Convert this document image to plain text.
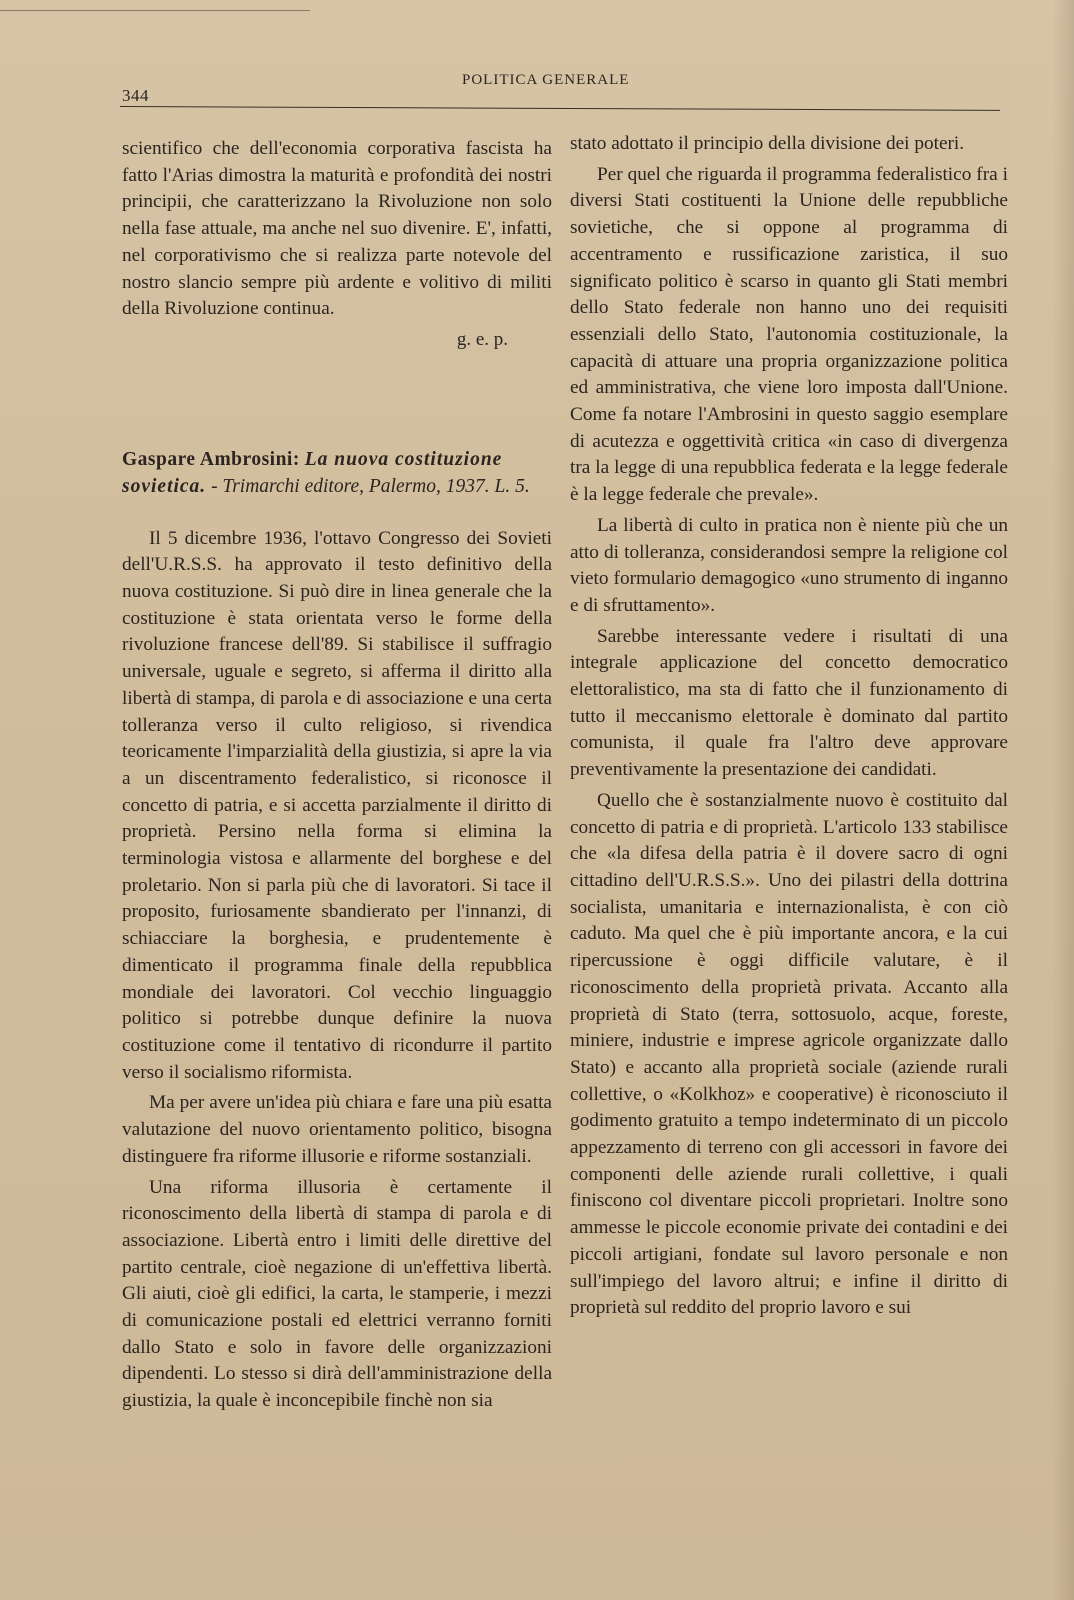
344
POLITICA GENERALE

scientifico che dell'economia corporativa fascista ha fatto l'Arias dimostra la maturità e profondità dei nostri principii, che caratterizzano la Rivoluzione non solo nella fase attuale, ma anche nel suo divenire. E', infatti, nel corporativismo che si realizza parte notevole del nostro slancio sempre più ardente e volitivo di militi della Rivoluzione continua.

g. e. p.
Gaspare Ambrosini: La nuova costituzione sovietica. - Trimarchi editore, Palermo, 1937. L. 5.

Il 5 dicembre 1936, l'ottavo Congresso dei Sovieti dell'U.R.S.S. ha approvato il testo definitivo della nuova costituzione. Si può dire in linea generale che la costituzione è stata orientata verso le forme della rivoluzione francese dell'89. Si stabilisce il suffragio universale, uguale e segreto, si afferma il diritto alla libertà di stampa, di parola e di associazione e una certa tolleranza verso il culto religioso, si rivendica teoricamente l'imparzialità della giustizia, si apre la via a un discentramento federalistico, si riconosce il concetto di patria, e si accetta parzialmente il diritto di proprietà. Persino nella forma si elimina la terminologia vistosa e allarmente del borghese e del proletario. Non si parla più che di lavoratori. Si tace il proposito, furiosamente sbandierato per l'innanzi, di schiacciare la borghesia, e prudentemente è dimenticato il programma finale della repubblica mondiale dei lavoratori. Col vecchio linguaggio politico si potrebbe dunque definire la nuova costituzione come il tentativo di ricondurre il partito verso il socialismo riformista.

Ma per avere un'idea più chiara e fare una più esatta valutazione del nuovo orientamento politico, bisogna distinguere fra riforme illusorie e riforme sostanziali.

Una riforma illusoria è certamente il riconoscimento della libertà di stampa di parola e di associazione. Libertà entro i limiti delle direttive del partito centrale, cioè negazione di un'effettiva libertà. Gli aiuti, cioè gli edifici, la carta, le stamperie, i mezzi di comunicazione postali ed elettrici verranno forniti dallo Stato e solo in favore delle organizzazioni dipendenti. Lo stesso si dirà dell'amministrazione della giustizia, la quale è inconcepibile finchè non sia

stato adottato il principio della divisione dei poteri.

Per quel che riguarda il programma federalistico fra i diversi Stati costituenti la Unione delle repubbliche sovietiche, che si oppone al programma di accentramento e russificazione zaristica, il suo significato politico è scarso in quanto gli Stati membri dello Stato federale non hanno uno dei requisiti essenziali dello Stato, l'autonomia costituzionale, la capacità di attuare una propria organizzazione politica ed amministrativa, che viene loro imposta dall'Unione. Come fa notare l'Ambrosini in questo saggio esemplare di acutezza e oggettività critica «in caso di divergenza tra la legge di una repubblica federata e la legge federale è la legge federale che prevale».

La libertà di culto in pratica non è niente più che un atto di tolleranza, considerandosi sempre la religione col vieto formulario demagogico «uno strumento di inganno e di sfruttamento».

Sarebbe interessante vedere i risultati di una integrale applicazione del concetto democratico elettoralistico, ma sta di fatto che il funzionamento di tutto il meccanismo elettorale è dominato dal partito comunista, il quale fra l'altro deve approvare preventivamente la presentazione dei candidati.

Quello che è sostanzialmente nuovo è costituito dal concetto di patria e di proprietà. L'articolo 133 stabilisce che «la difesa della patria è il dovere sacro di ogni cittadino dell'U.R.S.S.». Uno dei pilastri della dottrina socialista, umanitaria e internazionalista, è con ciò caduto. Ma quel che è più importante ancora, e la cui ripercussione è oggi difficile valutare, è il riconoscimento della proprietà privata. Accanto alla proprietà di Stato (terra, sottosuolo, acque, foreste, miniere, industrie e imprese agricole organizzate dallo Stato) e accanto alla proprietà sociale (aziende rurali collettive, o «Kolkhoz» e cooperative) è riconosciuto il godimento gratuito a tempo indeterminato di un piccolo appezzamento di terreno con gli accessori in favore dei componenti delle aziende rurali collettive, i quali finiscono col diventare piccoli proprietari. Inoltre sono ammesse le piccole economie private dei contadini e dei piccoli artigiani, fondate sul lavoro personale e non sull'impiego del lavoro altrui; e infine il diritto di proprietà sul reddito del proprio lavoro e sui
